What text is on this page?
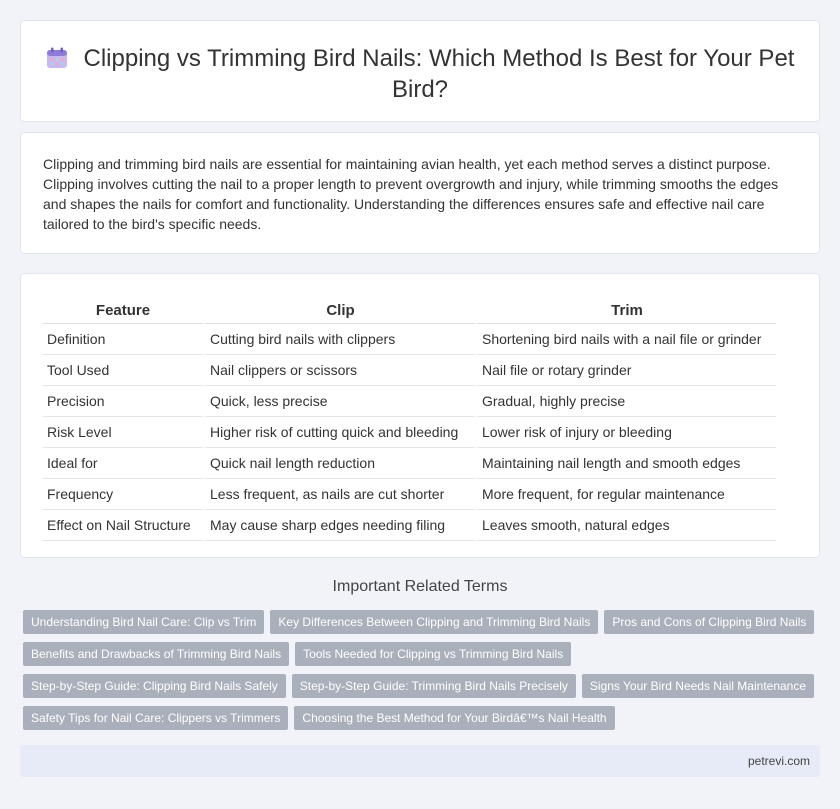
Clipping vs Trimming Bird Nails: Which Method Is Best for Your Pet Bird?

Clipping and trimming bird nails are essential for maintaining avian health, yet each method serves a distinct purpose. Clipping involves cutting the nail to a proper length to prevent overgrowth and injury, while trimming smooths the edges and shapes the nails for comfort and functionality. Understanding the differences ensures safe and effective nail care tailored to the bird's specific needs.

Feature	Clip	Trim
Definition	Cutting bird nails with clippers	Shortening bird nails with a nail file or grinder
Tool Used	Nail clippers or scissors	Nail file or rotary grinder
Precision	Quick, less precise	Gradual, highly precise
Risk Level	Higher risk of cutting quick and bleeding	Lower risk of injury or bleeding
Ideal for	Quick nail length reduction	Maintaining nail length and smooth edges
Frequency	Less frequent, as nails are cut shorter	More frequent, for regular maintenance
Effect on Nail Structure	May cause sharp edges needing filing	Leaves smooth, natural edges
Important Related Terms
Understanding Bird Nail Care: Clip vs Trim	Key Differences Between Clipping and Trimming Bird Nails	Pros and Cons of Clipping Bird Nails
Benefits and Drawbacks of Trimming Bird Nails	Tools Needed for Clipping vs Trimming Bird Nails
Step-by-Step Guide: Clipping Bird Nails Safely	Step-by-Step Guide: Trimming Bird Nails Precisely	Signs Your Bird Needs Nail Maintenance
Safety Tips for Nail Care: Clippers vs Trimmers	Choosing the Best Method for Your Birdâ€™s Nail Health
petrevi.com
